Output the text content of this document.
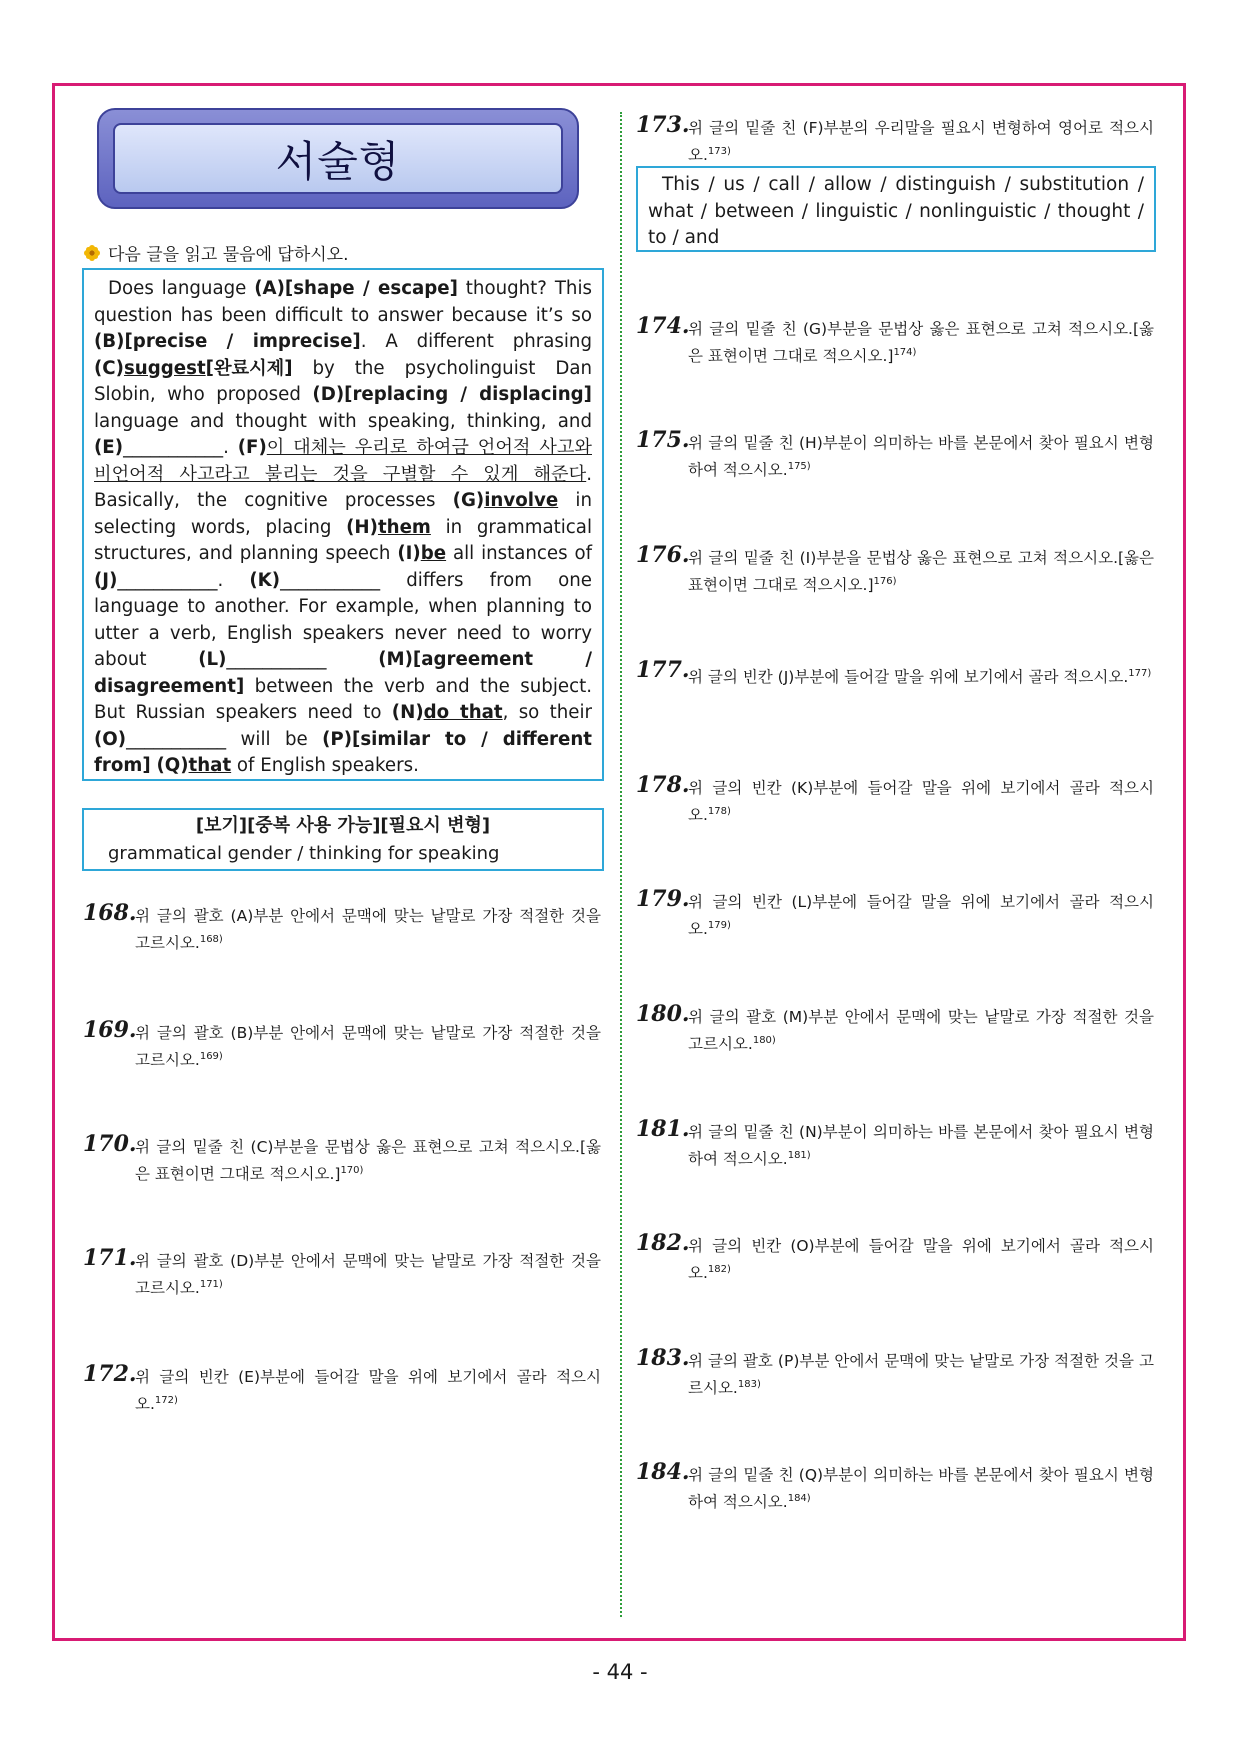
서술형
다음 글을 읽고 물음에 답하시오.

Does language (A)[shape / escape] thought? This question has been difficult to answer because it’s so (B)[precise / imprecise]. A different phrasing (C)suggest[완료시제] by the psycholinguist Dan Slobin, who proposed (D)[replacing / displacing] language and thought with speaking, thinking, and (E)___________. (F)이 대체는 우리로 하여금 언어적 사고와 비언어적 사고라고 불리는 것을 구별할 수 있게 해준다. Basically, the cognitive processes (G)involve in selecting words, placing (H)them in grammatical structures, and planning speech (I)be all instances of (J)___________. (K)___________ differs from one language to another. For example, when planning to utter a verb, English speakers never need to worry about (L)___________ (M)[agreement / disagreement] between the verb and the subject. But Russian speakers need to (N)do that, so their (O)___________ will be (P)[similar to / different from] (Q)that of English speakers.

[보기][중복 사용 가능][필요시 변형]
grammatical gender / thinking for speaking

This / us / call / allow / distinguish / substitution / what / between / linguistic / nonlinguistic / thought / to / and

168.
위 글의 괄호 (A)부분 안에서 문맥에 맞는 낱말로 가장 적절한 것을 고르시오.$^{168)}$
169.
위 글의 괄호 (B)부분 안에서 문맥에 맞는 낱말로 가장 적절한 것을 고르시오.$^{169)}$
170.
위 글의 밑줄 친 (C)부분을 문법상 옳은 표현으로 고쳐 적으시오.[옳은 표현이면 그대로 적으시오.]$^{170)}$
171.
위 글의 괄호 (D)부분 안에서 문맥에 맞는 낱말로 가장 적절한 것을 고르시오.$^{171)}$
172.
위 글의 빈칸 (E)부분에 들어갈 말을 위에 보기에서 골라 적으시오.$^{172)}$
173.
위 글의 밑줄 친 (F)부분의 우리말을 필요시 변형하여 영어로 적으시오.$^{173)}$
174.
위 글의 밑줄 친 (G)부분을 문법상 옳은 표현으로 고쳐 적으시오.[옳은 표현이면 그대로 적으시오.]$^{174)}$
175.
위 글의 밑줄 친 (H)부분이 의미하는 바를 본문에서 찾아 필요시 변형하여 적으시오.$^{175)}$
176.
위 글의 밑줄 친 (I)부분을 문법상 옳은 표현으로 고쳐 적으시오.[옳은 표현이면 그대로 적으시오.]$^{176)}$
177.
위 글의 빈칸 (J)부분에 들어갈 말을 위에 보기에서 골라 적으시오.$^{177)}$
178.
위 글의 빈칸 (K)부분에 들어갈 말을 위에 보기에서 골라 적으시오.$^{178)}$
179.
위 글의 빈칸 (L)부분에 들어갈 말을 위에 보기에서 골라 적으시오.$^{179)}$
180.
위 글의 괄호 (M)부분 안에서 문맥에 맞는 낱말로 가장 적절한 것을 고르시오.$^{180)}$
181.
위 글의 밑줄 친 (N)부분이 의미하는 바를 본문에서 찾아 필요시 변형하여 적으시오.$^{181)}$
182.
위 글의 빈칸 (O)부분에 들어갈 말을 위에 보기에서 골라 적으시오.$^{182)}$
183.
위 글의 괄호 (P)부분 안에서 문맥에 맞는 낱말로 가장 적절한 것을 고르시오.$^{183)}$
184.
위 글의 밑줄 친 (Q)부분이 의미하는 바를 본문에서 찾아 필요시 변형하여 적으시오.$^{184)}$
- 44 -
